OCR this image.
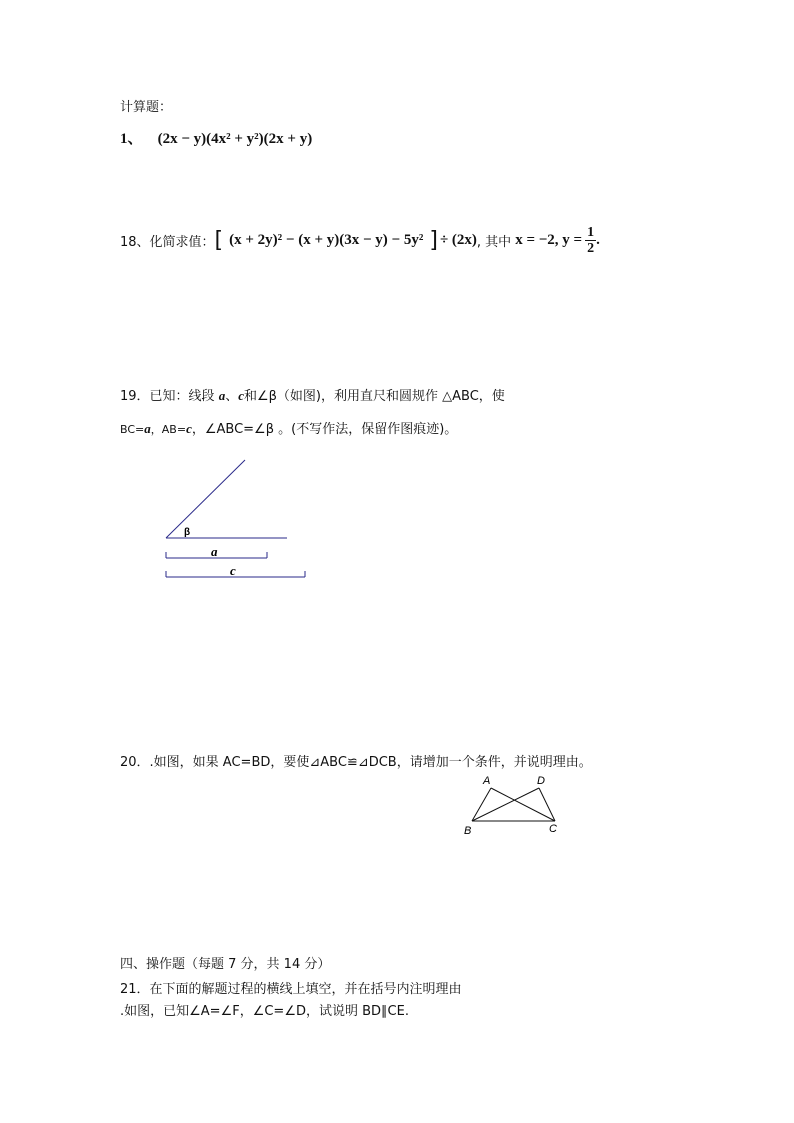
计算题：
1、 (2x − y)(4x² + y²)(2x + y)
18、化简求值： [ (x + 2y)² − (x + y)(3x − y) − 5y² ] ÷ (2x) , 其中 x = −2, $y = \frac{1}{2}$ .
19．已知：线段 a、c和∠β（如图)，利用直尺和圆规作 △ABC，使
BC=a，AB=c，∠ABC=∠β 。(不写作法，保留作图痕迹)。
β
a
c
20．.如图，如果 AC=BD，要使⊿ABC≌⊿DCB，请增加一个条件，并说明理由。
A	D
B	C
四、操作题（每题 7 分，共 14 分）
21．在下面的解题过程的横线上填空，并在括号内注明理由
.如图，已知∠A=∠F，∠C=∠D，试说明 BD∥CE.
